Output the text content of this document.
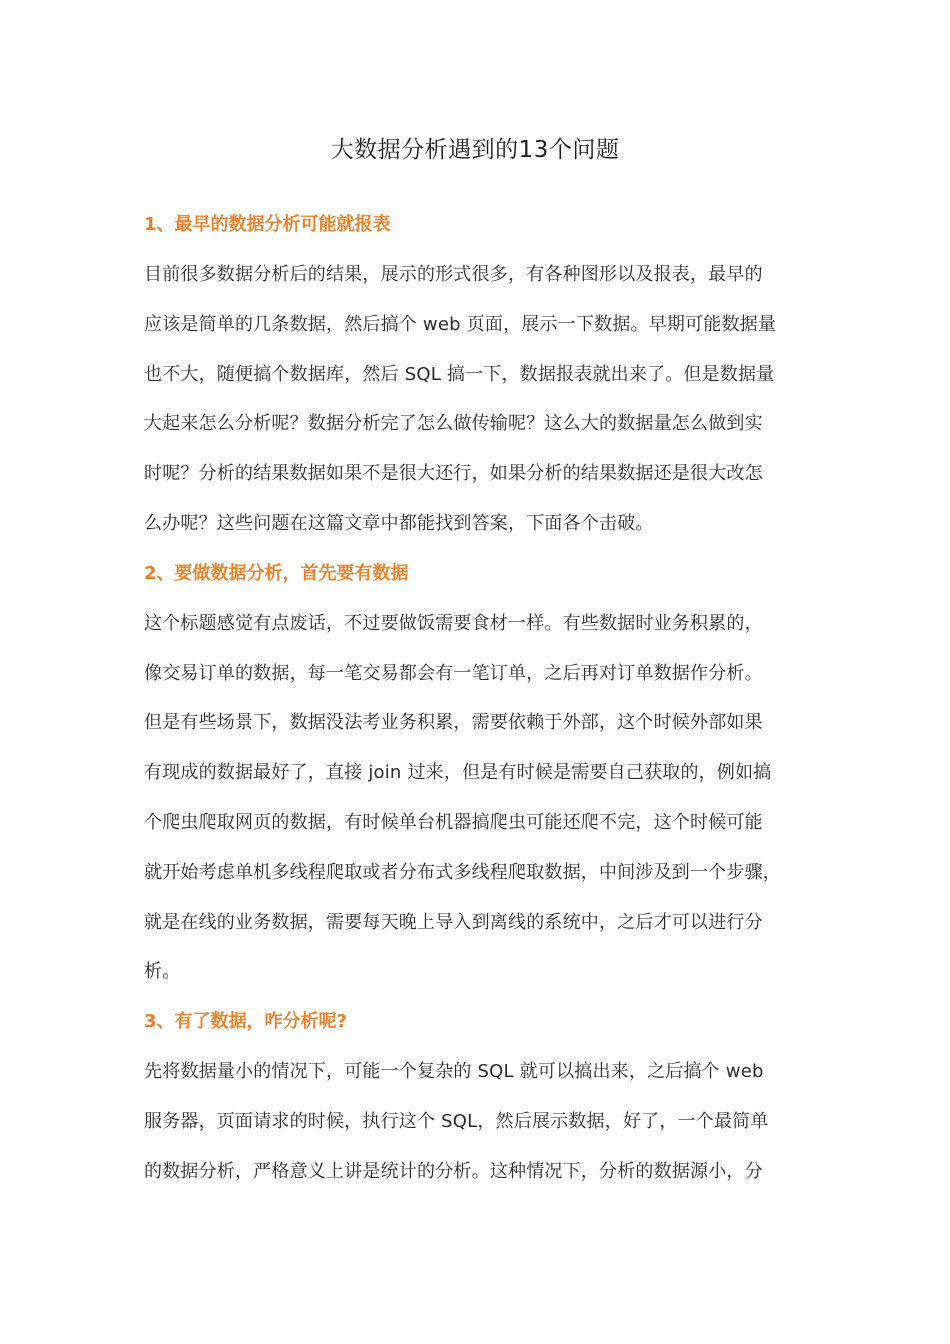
大数据分析遇到的13个问题
1、最早的数据分析可能就报表
目前很多数据分析后的结果，展示的形式很多，有各种图形以及报表，最早的
应该是简单的几条数据，然后搞个 web 页面，展示一下数据。早期可能数据量
也不大，随便搞个数据库，然后 SQL 搞一下，数据报表就出来了。但是数据量
大起来怎么分析呢？数据分析完了怎么做传输呢？这么大的数据量怎么做到实
时呢？分析的结果数据如果不是很大还行，如果分析的结果数据还是很大改怎
么办呢？这些问题在这篇文章中都能找到答案，下面各个击破。
2、要做数据分析，首先要有数据
这个标题感觉有点废话，不过要做饭需要食材一样。有些数据时业务积累的，
像交易订单的数据，每一笔交易都会有一笔订单，之后再对订单数据作分析。
但是有些场景下，数据没法考业务积累，需要依赖于外部，这个时候外部如果
有现成的数据最好了，直接 join 过来，但是有时候是需要自己获取的，例如搞
个爬虫爬取网页的数据，有时候单台机器搞爬虫可能还爬不完，这个时候可能
就开始考虑单机多线程爬取或者分布式多线程爬取数据，中间涉及到一个步骤，
就是在线的业务数据，需要每天晚上导入到离线的系统中，之后才可以进行分
析。
3、有了数据，咋分析呢?
先将数据量小的情况下，可能一个复杂的 SQL 就可以搞出来，之后搞个 web
服务器，页面请求的时候，执行这个 SQL，然后展示数据，好了，一个最简单
的数据分析，严格意义上讲是统计的分析。这种情况下，分析的数据源小，分
